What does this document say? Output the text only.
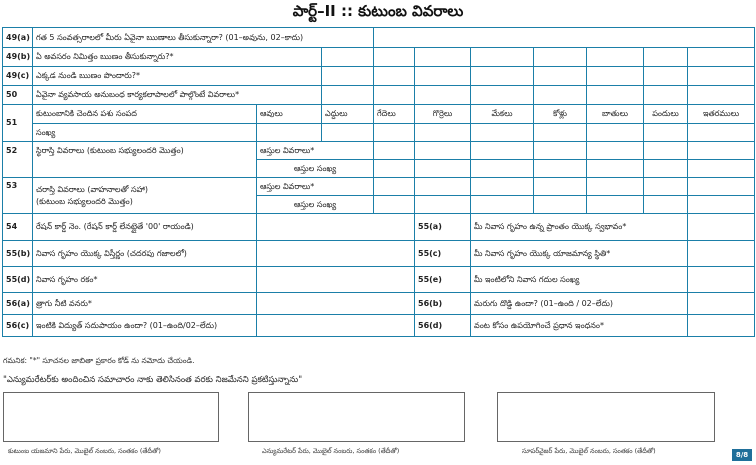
పార్ట్–II :: కుటుంబ వివరాలు
49(a)	గత 5 సంవత్సరాలలో మీరు ఏవైనా ఋణాలు తీసుకున్నారా? (01–అవును, 02–కాదు)									
49(b)	ఏ అవసరం నిమిత్తం ఋణం తీసుకున్నారు?*									
49(c)	ఎక్కడ నుండి ఋణం పొందారు?*									
50	ఏవైనా వ్యవసాయ అనుబంధ కార్యకలాపాలలో పాల్గొంటే వివరాలు*									
51	కుటుంబానికి చెందిన పశు సంపద	ఆవులు	ఎద్దులు	గేదెలు	గొర్రెలు	మేకలు	కోళ్లు	బాతులు	పందులు	ఇతరములు
	సంఖ్య									
52	స్థిరాస్తి వివరాలు (కుటుంబ సభ్యులందరి మొత్తం)	ఆస్తుల వివరాలు*								
		ఆస్తుల సంఖ్య								
53	చరాస్తి వివరాలు (వాహనాలతో సహా)
(కుటుంబ సభ్యులందరి మొత్తం)	ఆస్తుల వివరాలు*								
		ఆస్తుల సంఖ్య								
54	రేషన్ కార్డ్ నెం. (రేషన్ కార్డ్ లేనట్లైతే '00' రాయండి)				55(a)	మీ నివాస గృహం ఉన్న ప్రాంతం యొక్క స్వభావం*				
55(b)	నివాస గృహం యొక్క విస్తీర్ణం (చదరపు గజాలలో)				55(c)	మీ నివాస గృహం యొక్క యాజమాన్య స్థితి*				
55(d)	నివాస గృహం రకం*				55(e)	మీ ఇంటిలోని నివాస గదుల సంఖ్య				
56(a)	త్రాగు నీటి వనరు*				56(b)	మరుగు దొడ్డి ఉందా? (01–ఉంది / 02–లేదు)				
56(c)	ఇంటికి విద్యుత్ సదుపాయం ఉందా? (01–ఉంది/02–లేదు)				56(d)	వంట కోసం ఉపయోగించే ప్రధాన ఇంధనం*				
గమనిక: "*" సూచనల జాబితా ప్రకారం కోడ్ ను నమోదు చేయండి.
"ఎన్యుమరేటర్‌కు అందించిన సమాచారం నాకు తెలిసినంత వరకు నిజమేనని ప్రకటిస్తున్నాను"
కుటుంబ యజమాని పేరు, మొబైల్ నంబరు, సంతకం (తేదీతో)	ఎన్యుమరేటర్ పేరు, మొబైల్ నంబరు, సంతకం (తేదీతో)	సూపర్‌వైజర్ పేరు, మొబైల్ నంబరు, సంతకం (తేదీతో)	8/8
